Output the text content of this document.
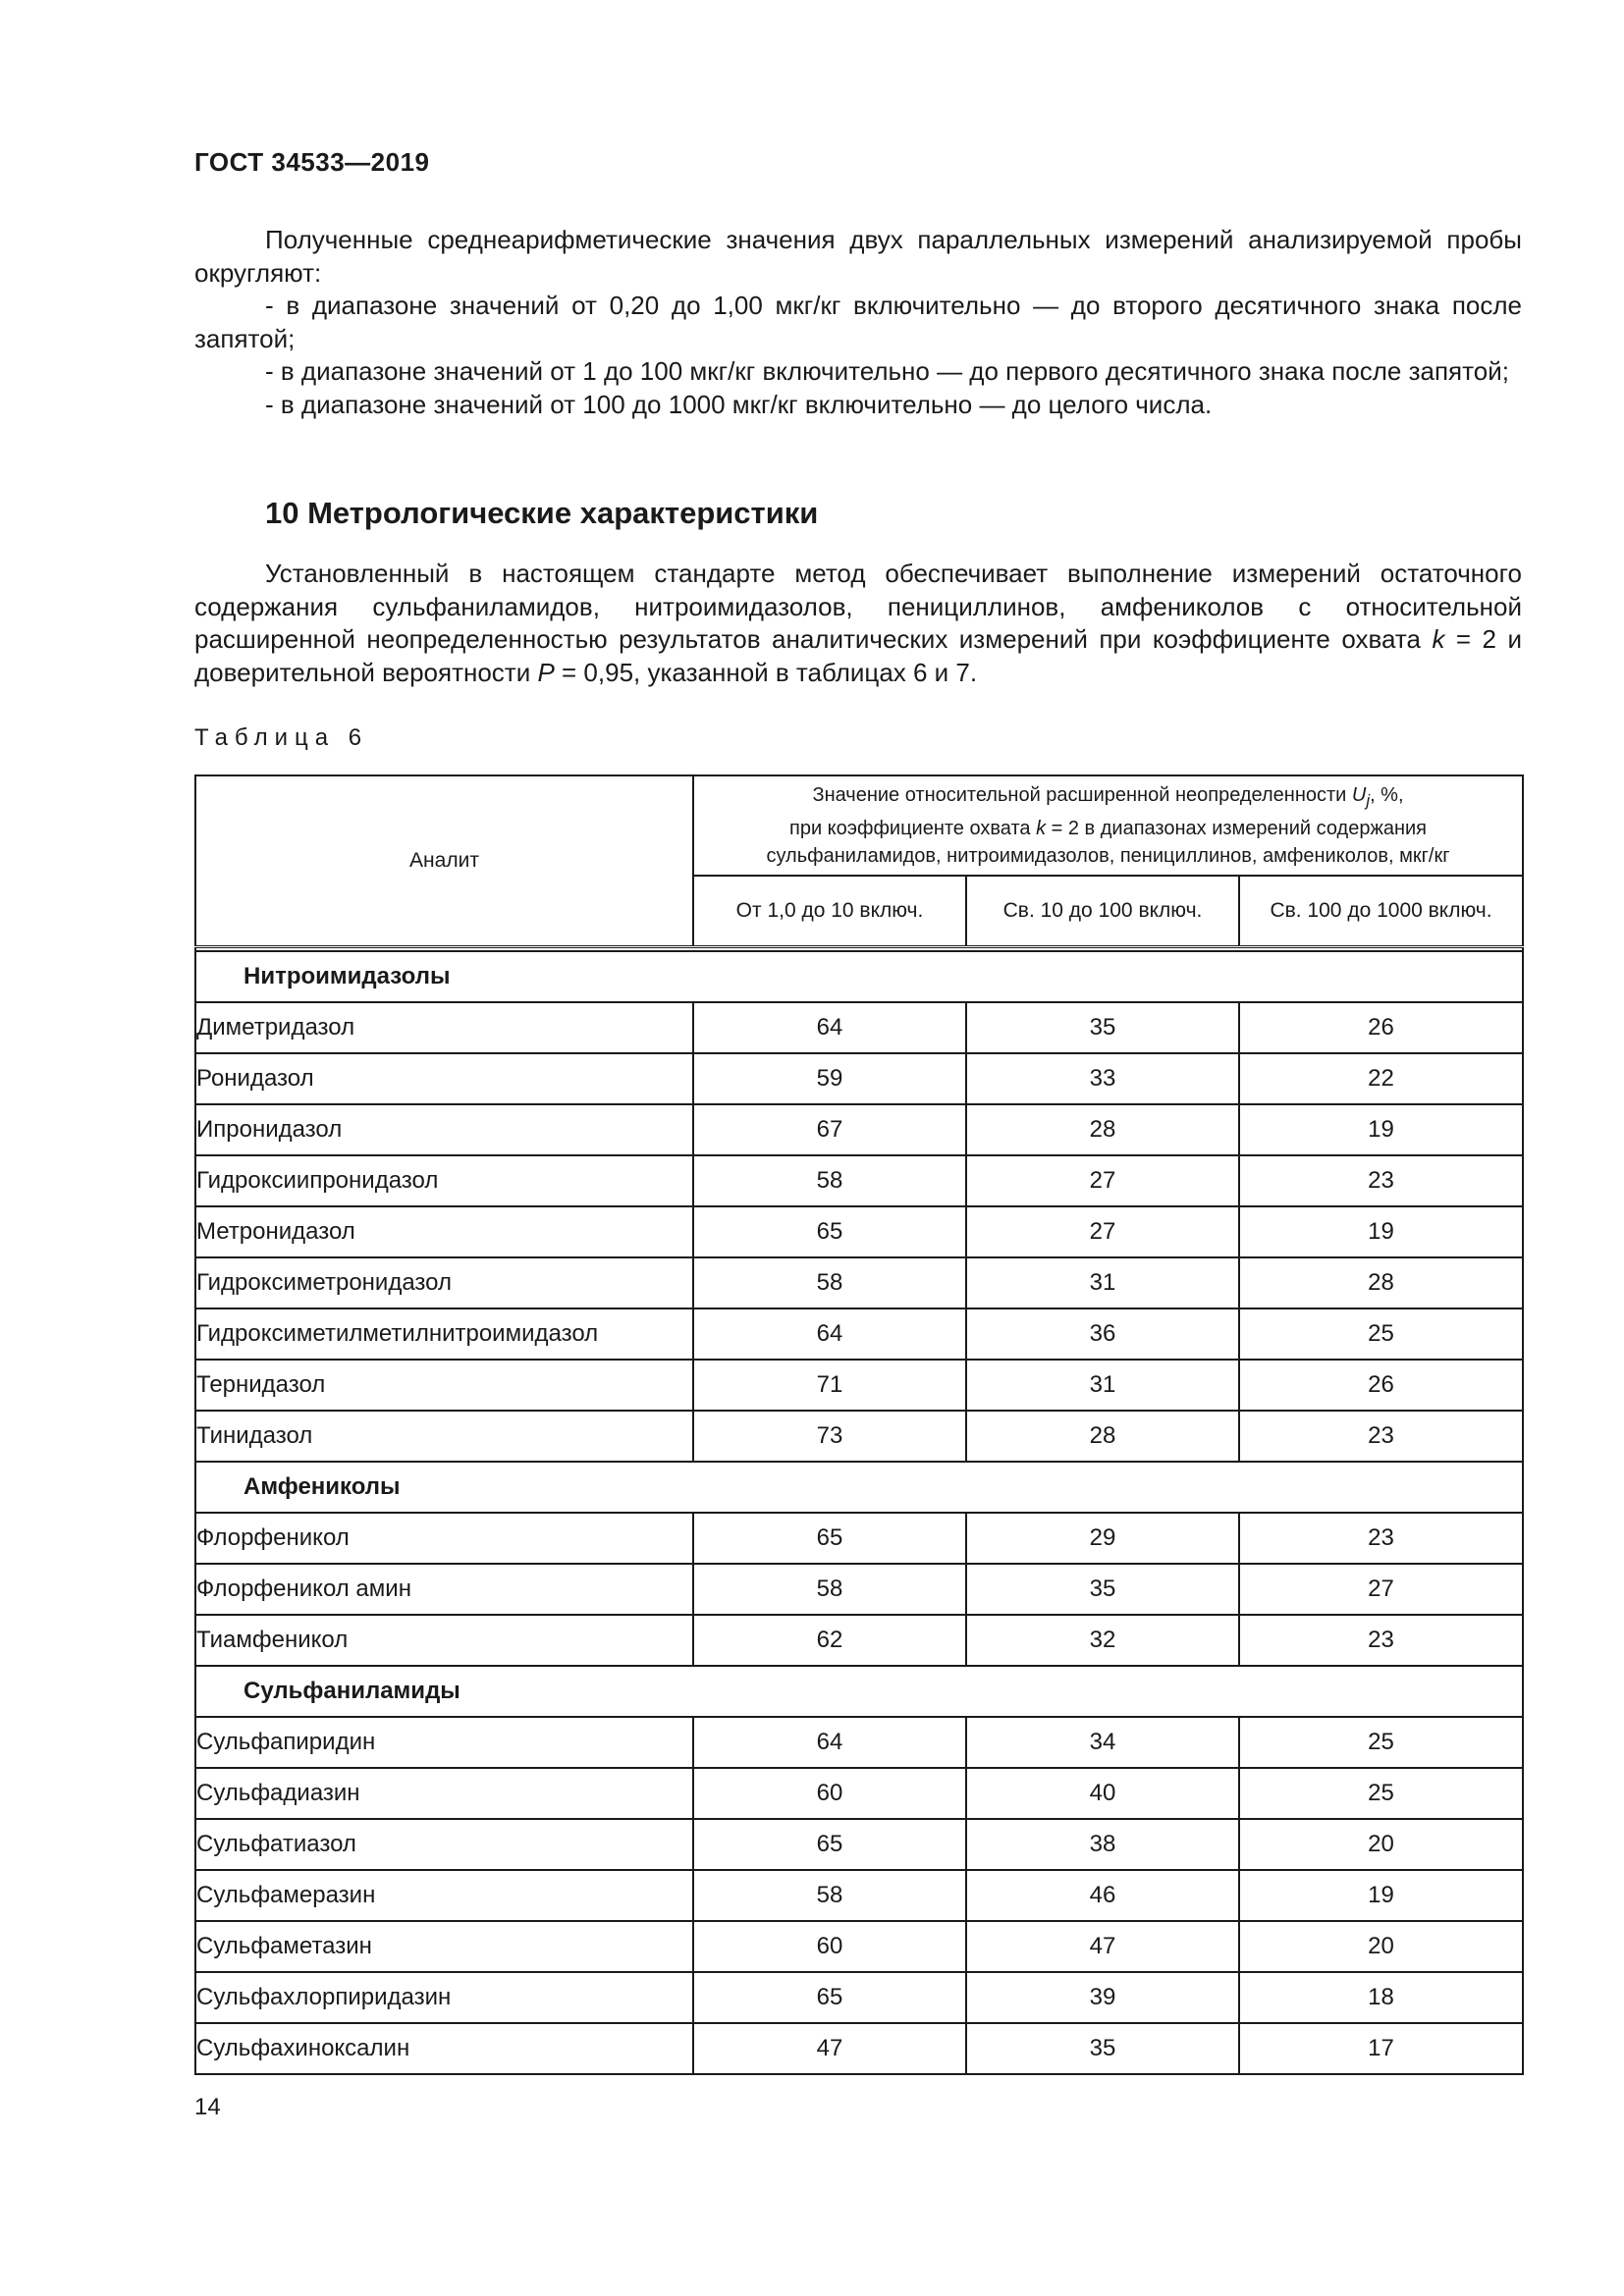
ГОСТ 34533—2019

Полученные среднеарифметические значения двух параллельных измерений анализируемой пробы округляют:

- в диапазоне значений от 0,20 до 1,00 мкг/кг включительно — до второго десятичного знака после запятой;

- в диапазоне значений от 1 до 100 мкг/кг включительно — до первого десятичного знака после запятой;

- в диапазоне значений от 100 до 1000 мкг/кг включительно — до целого числа.

10 Метрологические характеристики

Установленный в настоящем стандарте метод обеспечивает выполнение измерений остаточного содержания сульфаниламидов, нитроимидазолов, пенициллинов, амфениколов с относительной расширенной неопределенностью результатов аналитических измерений при коэффициенте охвата k = 2 и доверительной вероятности P = 0,95, указанной в таблицах 6 и 7.

Таблица 6
Аналит	Значение относительной расширенной неопределенности $U_j$, %,
при коэффициенте охвата k = 2 в диапазонах измерений содержания
сульфаниламидов, нитроимидазолов, пенициллинов, амфениколов, мкг/кг		
	От 1,0 до 10 включ.	Св. 10 до 100 включ.	Св. 100 до 1000 включ.

Нитроимидазолы			
Диметридазол	64	35	26
Ронидазол	59	33	22
Ипронидазол	67	28	19
Гидроксиипронидазол	58	27	23
Метронидазол	65	27	19
Гидроксиметронидазол	58	31	28
Гидроксиметилметилнитроимидазол	64	36	25
Тернидазол	71	31	26
Тинидазол	73	28	23
Амфениколы			
Флорфеникол	65	29	23
Флорфеникол амин	58	35	27
Тиамфеникол	62	32	23
Сульфаниламиды			
Сульфапиридин	64	34	25
Сульфадиазин	60	40	25
Сульфатиазол	65	38	20
Сульфамеразин	58	46	19
Сульфаметазин	60	47	20
Сульфахлорпиридазин	65	39	18
Сульфахиноксалин	47	35	17
14
